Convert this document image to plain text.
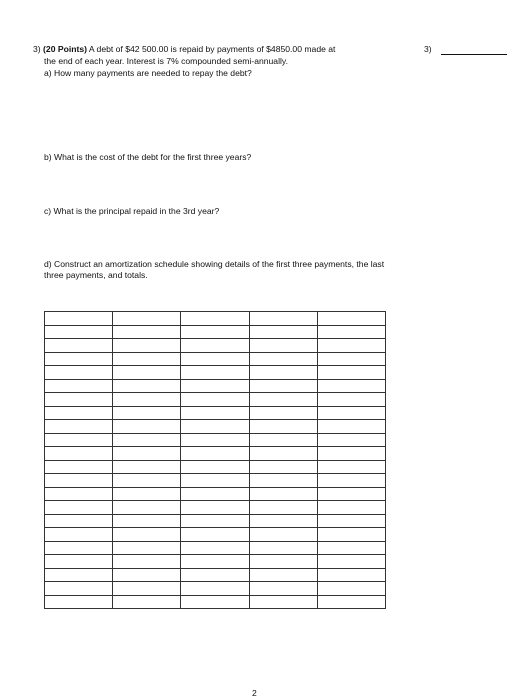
3) (20 Points) A debt of $42 500.00 is repaid by payments of $4850.00 made at
the end of each year. Interest is 7% compounded semi-annually.
a) How many payments are needed to repay the debt?
b) What is the cost of the debt for the first three years?
c) What is the principal repaid in the 3rd year?
d) Construct an amortization schedule showing details of the first three payments, the last three payments, and totals.
3)

2
